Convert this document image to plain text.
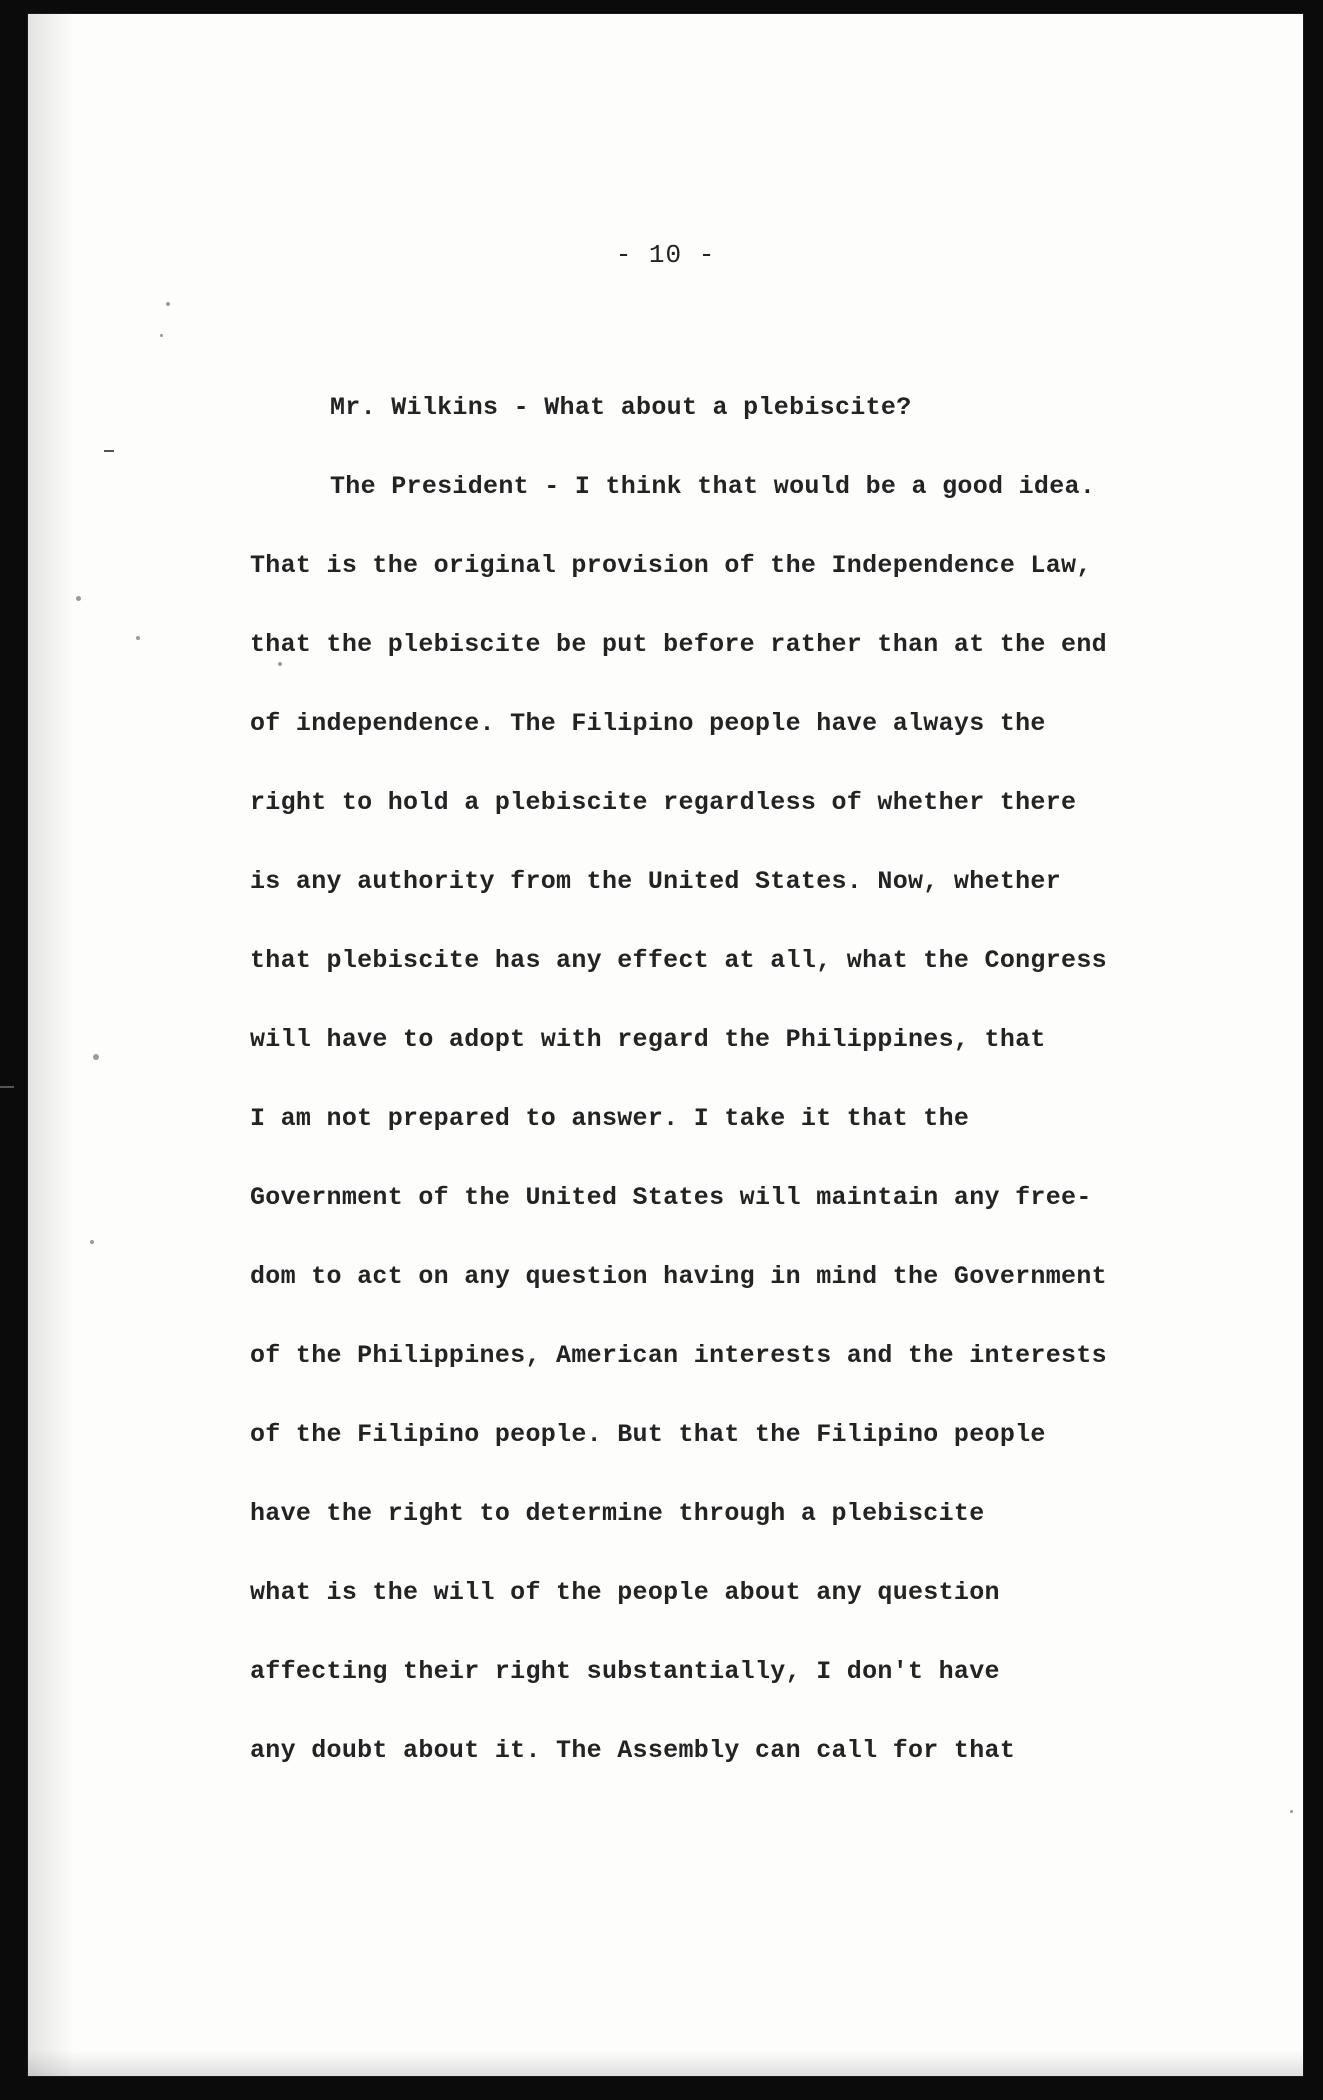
- 10 -
Mr. Wilkins - What about a plebiscite?
The President - I think that would be a good idea.
That is the original provision of the Independence Law,
that the plebiscite be put before rather than at the end
of independence. The Filipino people have always the
right to hold a plebiscite regardless of whether there
is any authority from the United States. Now, whether
that plebiscite has any effect at all, what the Congress
will have to adopt with regard the Philippines, that
I am not prepared to answer. I take it that the
Government of the United States will maintain any free-
dom to act on any question having in mind the Government
of the Philippines, American interests and the interests
of the Filipino people. But that the Filipino people
have the right to determine through a plebiscite
what is the will of the people about any question
affecting their right substantially, I don't have
any doubt about it. The Assembly can call for that
